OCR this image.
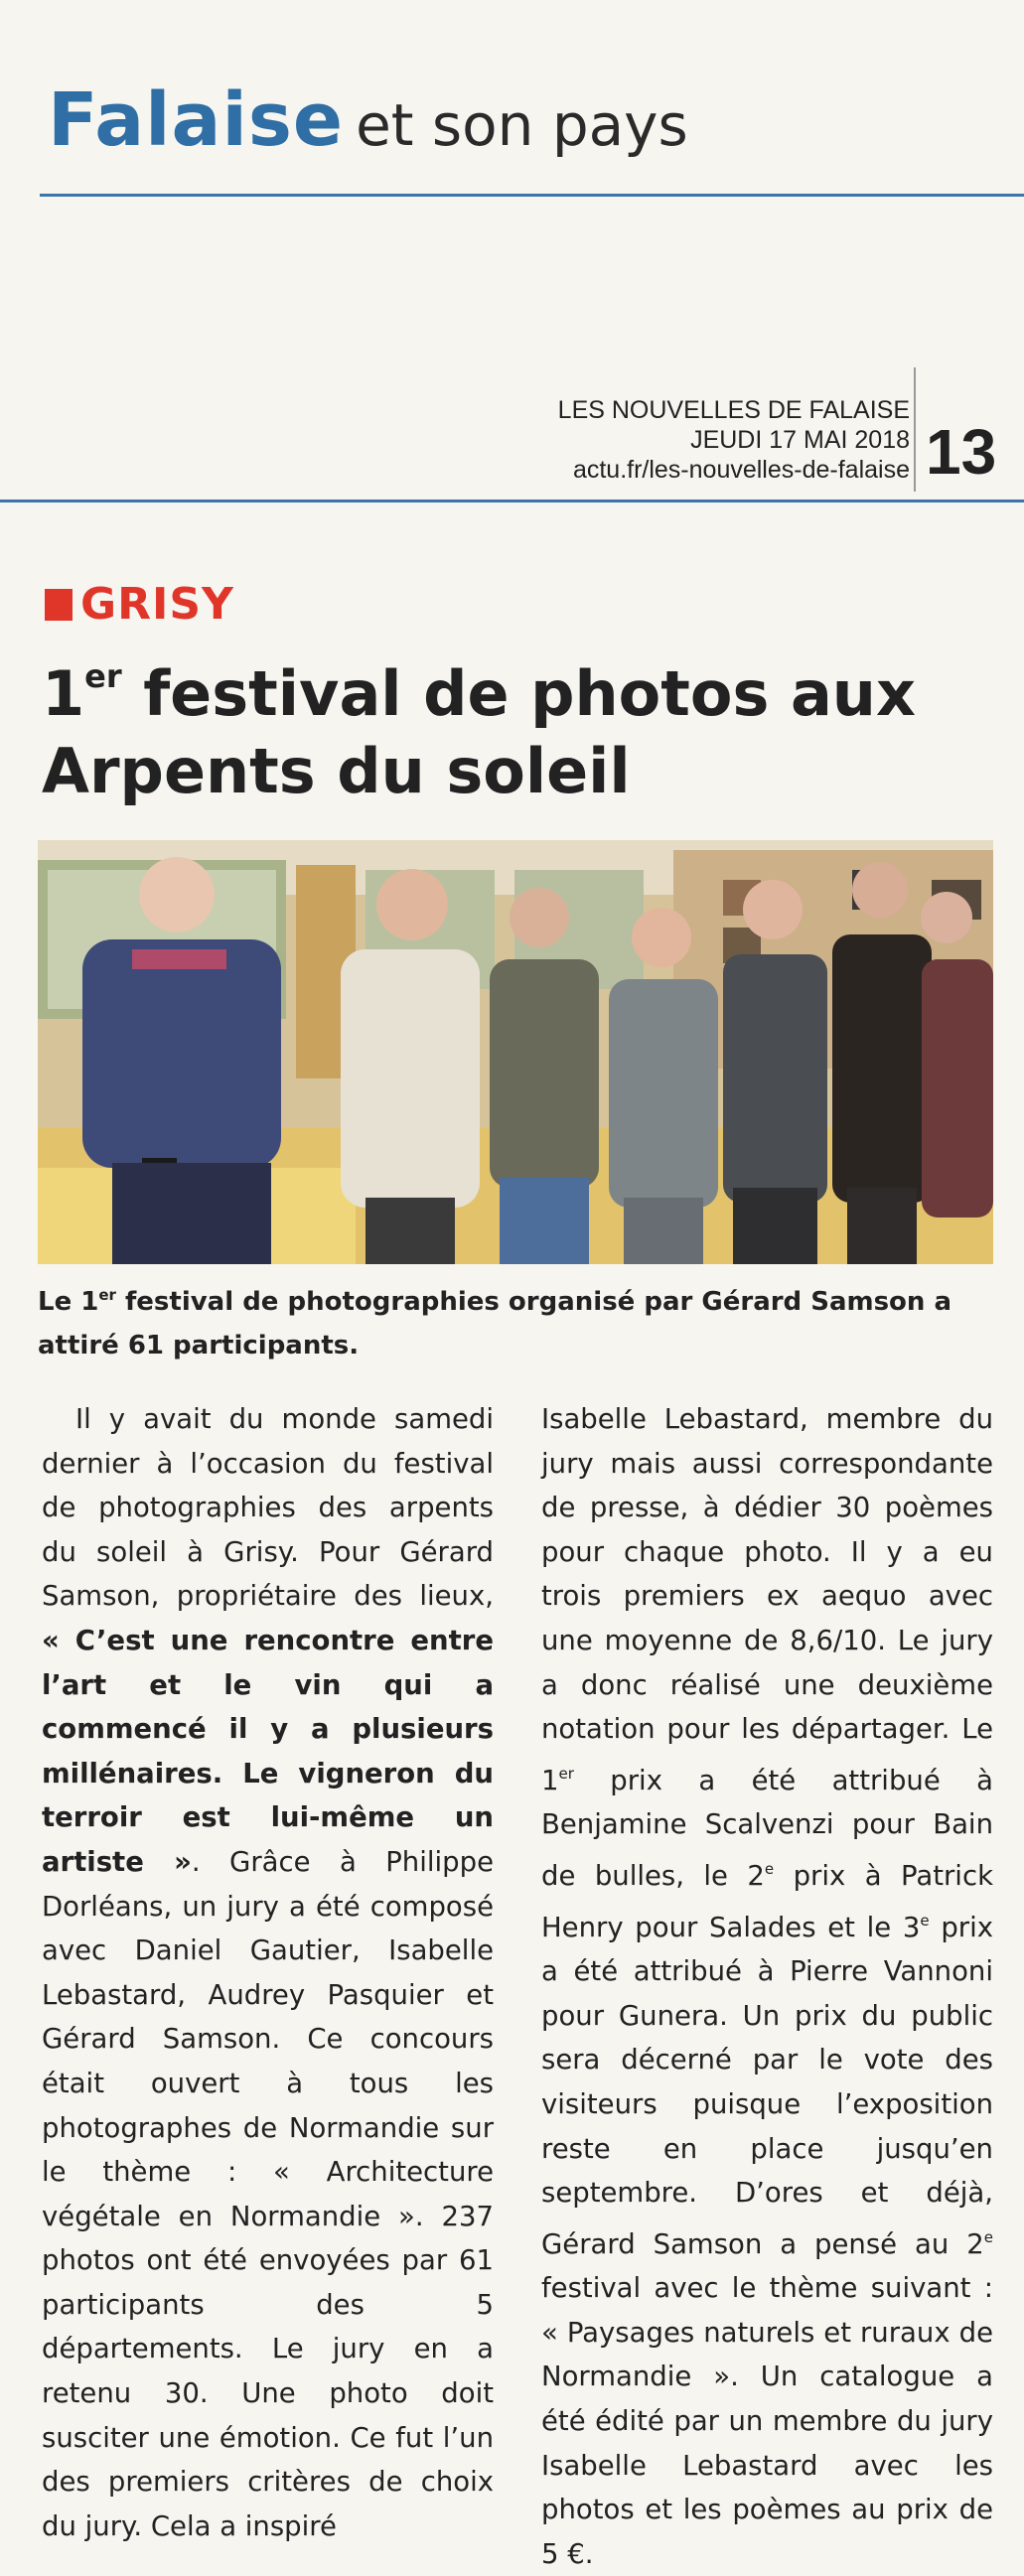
Falaise et son pays
LES NOUVELLES DE FALAISE
JEUDI 17 MAI 2018
actu.fr/les-nouvelles-de-falaise 13
GRISY
1er festival de photos aux Arpents du soleil

Le 1er festival de photographies organisé par Gérard Samson a attiré 61 participants.

Il y avait du monde samedi dernier à l’occasion du festival de photographies des arpents du soleil à Grisy. Pour Gérard Samson, propriétaire des lieux, « C’est une rencontre entre l’art et le vin qui a commencé il y a plusieurs millénaires. Le vigneron du terroir est lui-même un artiste ». Grâce à Philippe Dorléans, un jury a été composé avec Daniel Gautier, Isabelle Lebastard, Audrey Pasquier et Gérard Samson. Ce concours était ouvert à tous les photographes de Normandie sur le thème : « Architecture végétale en Normandie ». 237 photos ont été envoyées par 61 participants des 5 départements. Le jury en a retenu 30. Une photo doit susciter une émotion. Ce fut l’un des premiers critères de choix du jury. Cela a inspiré

Isabelle Lebastard, membre du jury mais aussi correspondante de presse, à dédier 30 poèmes pour chaque photo. Il y a eu trois premiers ex aequo avec une moyenne de 8,6/10. Le jury a donc réalisé une deuxième notation pour les départager. Le 1er prix a été attribué à Benjamine Scalvenzi pour Bain de bulles, le 2e prix à Patrick Henry pour Salades et le 3e prix a été attribué à Pierre Vannoni pour Gunera. Un prix du public sera décerné par le vote des visiteurs puisque l’exposition reste en place jusqu’en septembre. D’ores et déjà, Gérard Samson a pensé au 2e festival avec le thème suivant : « Paysages naturels et ruraux de Normandie ». Un catalogue a été édité par un membre du jury Isabelle Lebastard avec les photos et les poèmes au prix de 5 €.
